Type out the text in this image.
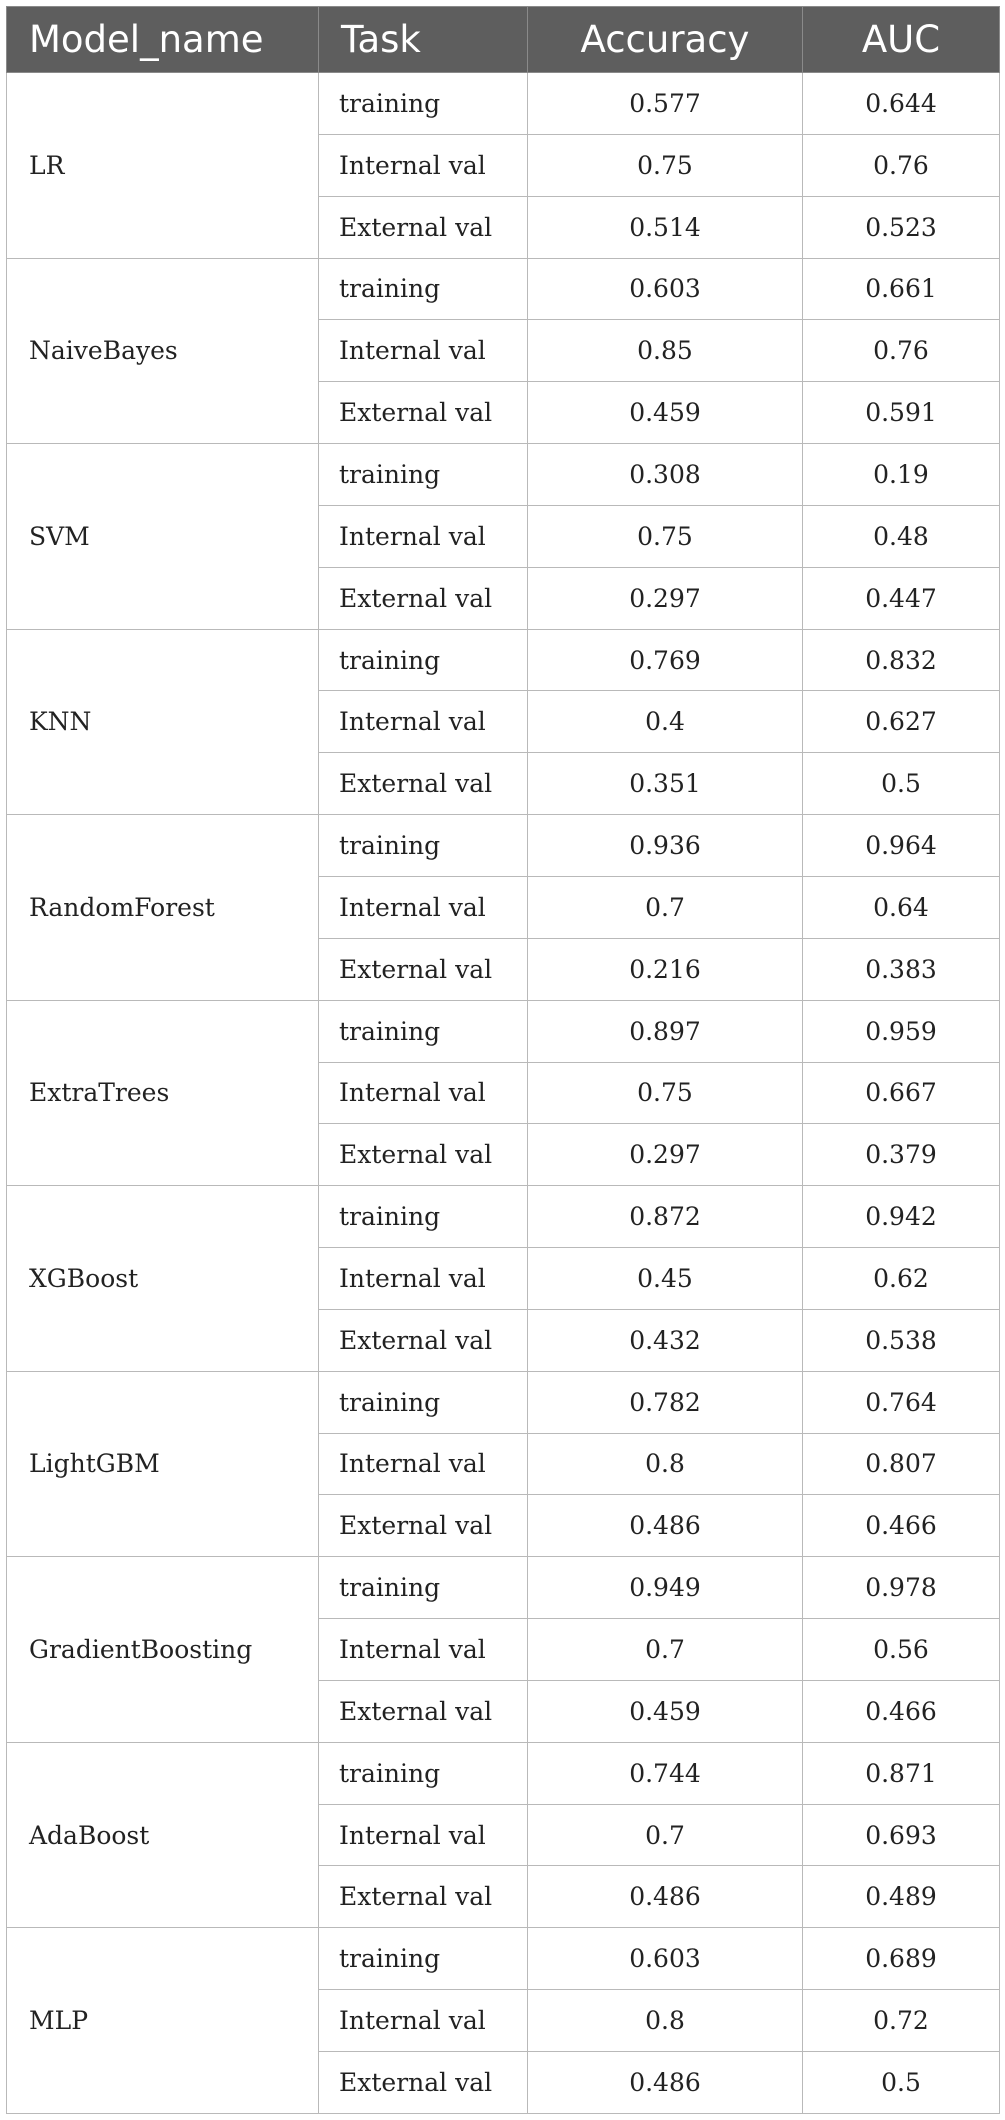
Model_name	Task	Accuracy	AUC
LR	training	0.577	0.644
	Internal val	0.75	0.76
	External val	0.514	0.523
NaiveBayes	training	0.603	0.661
	Internal val	0.85	0.76
	External val	0.459	0.591
SVM	training	0.308	0.19
	Internal val	0.75	0.48
	External val	0.297	0.447
KNN	training	0.769	0.832
	Internal val	0.4	0.627
	External val	0.351	0.5
RandomForest	training	0.936	0.964
	Internal val	0.7	0.64
	External val	0.216	0.383
ExtraTrees	training	0.897	0.959
	Internal val	0.75	0.667
	External val	0.297	0.379
XGBoost	training	0.872	0.942
	Internal val	0.45	0.62
	External val	0.432	0.538
LightGBM	training	0.782	0.764
	Internal val	0.8	0.807
	External val	0.486	0.466
GradientBoosting	training	0.949	0.978
	Internal val	0.7	0.56
	External val	0.459	0.466
AdaBoost	training	0.744	0.871
	Internal val	0.7	0.693
	External val	0.486	0.489
MLP	training	0.603	0.689
	Internal val	0.8	0.72
	External val	0.486	0.5
